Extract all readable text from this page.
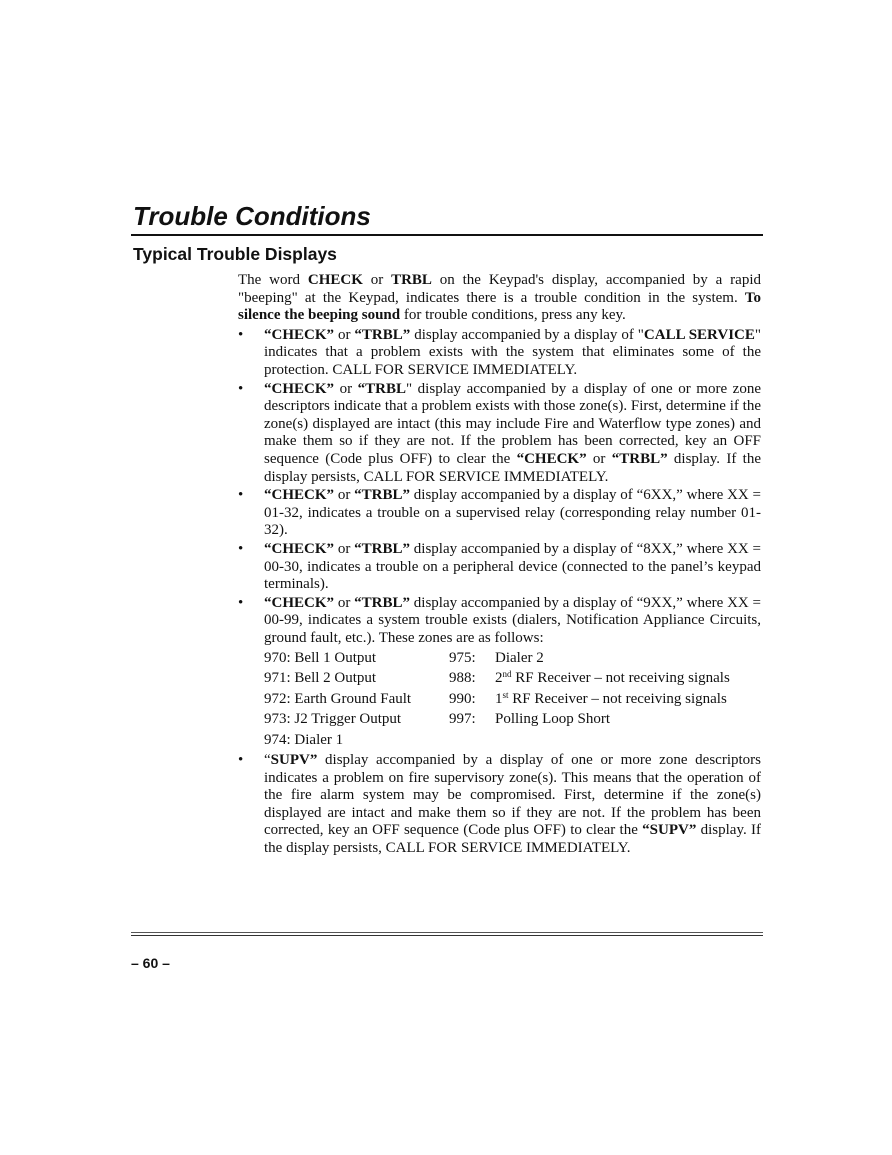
Trouble Conditions
Typical Trouble Displays

The word CHECK or TRBL on the Keypad's display, accompanied by a rapid "beeping" at the Keypad, indicates there is a trouble condition in the system. To silence the beeping sound for trouble conditions, press any key.

•	“CHECK” or “TRBL” display accompanied by a display of "CALL SERVICE" indicates that a problem exists with the system that eliminates some of the protection. CALL FOR SERVICE IMMEDIATELY.
•	“CHECK” or “TRBL" display accompanied by a display of one or more zone descriptors indicate that a problem exists with those zone(s). First, determine if the zone(s) displayed are intact (this may include Fire and Waterflow type zones) and make them so if they are not. If the problem has been corrected, key an OFF sequence (Code plus OFF) to clear the “CHECK” or “TRBL” display. If the display persists, CALL FOR SERVICE IMMEDIATELY.
•	“CHECK” or “TRBL” display accompanied by a display of “6XX,” where XX = 01-32, indicates a trouble on a supervised relay (corresponding relay number 01-32).
•	“CHECK” or “TRBL” display accompanied by a display of “8XX,” where XX = 00-30, indicates a trouble on a peripheral device (connected to the panel’s keypad terminals).
•	“CHECK” or “TRBL” display accompanied by a display of “9XX,” where XX = 00-99, indicates a system trouble exists (dialers, Notification Appliance Circuits, ground fault, etc.). These zones are as follows:
970: Bell 1 Output	975:	Dialer 2
971: Bell 2 Output	988:	2nd RF Receiver – not receiving signals
972: Earth Ground Fault	990:	1st RF Receiver – not receiving signals
973: J2 Trigger Output	997:	Polling Loop Short
974: Dialer 1		
•	“SUPV” display accompanied by a display of one or more zone descriptors indicates a problem on fire supervisory zone(s). This means that the operation of the fire alarm system may be compromised. First, determine if the zone(s) displayed are intact and make them so if they are not. If the problem has been corrected, key an OFF sequence (Code plus OFF) to clear the “SUPV” display. If the display persists, CALL FOR SERVICE IMMEDIATELY.
– 60 –
